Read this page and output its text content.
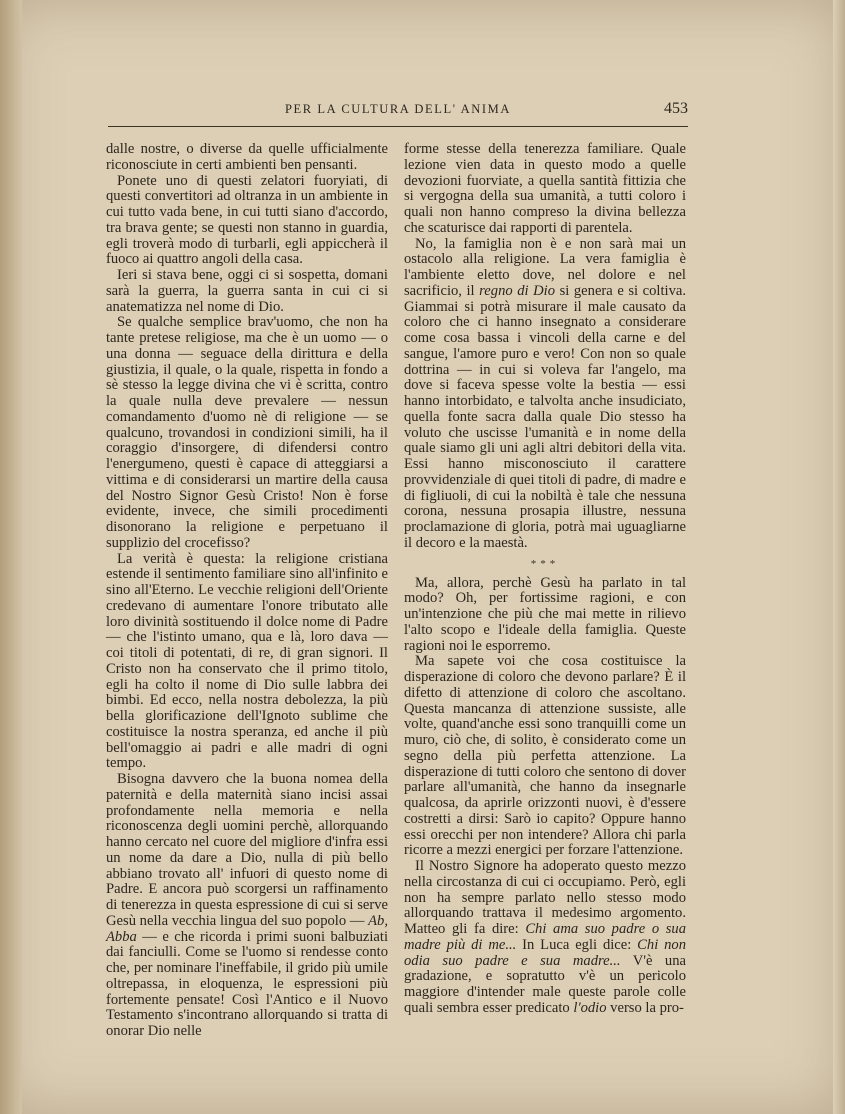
PER LA CULTURA DELL' ANIMA	453

dalle nostre, o diverse da quelle ufficialmente riconosciute in certi ambienti ben pensanti.

Ponete uno di questi zelatori fuoryiati, di questi convertitori ad oltranza in un ambiente in cui tutto vada bene, in cui tutti siano d'accordo, tra brava gente; se questi non stanno in guardia, egli troverà modo di turbarli, egli appiccherà il fuoco ai quattro angoli della casa.

Ieri si stava bene, oggi ci si sospetta, domani sarà la guerra, la guerra santa in cui ci si anatematizza nel nome di Dio.

Se qualche semplice brav'uomo, che non ha tante pretese religiose, ma che è un uomo — o una donna — seguace della dirittura e della giustizia, il quale, o la quale, rispetta in fondo a sè stesso la legge divina che vi è scritta, contro la quale nulla deve prevalere — nessun comandamento d'uomo nè di religione — se qualcuno, trovandosi in condizioni simili, ha il coraggio d'insorgere, di difendersi contro l'energumeno, questi è capace di atteggiarsi a vittima e di considerarsi un martire della causa del Nostro Signor Gesù Cristo! Non è forse evidente, invece, che simili procedimenti disonorano la religione e perpetuano il supplizio del crocefisso?

La verità è questa: la religione cristiana estende il sentimento familiare sino all'infinito e sino all'Eterno. Le vecchie religioni dell'Oriente credevano di aumentare l'onore tributato alle loro divinità sostituendo il dolce nome di Padre — che l'istinto umano, qua e là, loro dava — coi titoli di potentati, di re, di gran signori. Il Cristo non ha conservato che il primo titolo, egli ha colto il nome di Dio sulle labbra dei bimbi. Ed ecco, nella nostra debolezza, la più bella glorificazione dell'Ignoto sublime che costituisce la nostra speranza, ed anche il più bell'omaggio ai padri e alle madri di ogni tempo.

Bisogna davvero che la buona nomea della paternità e della maternità siano incisi assai profondamente nella memoria e nella riconoscenza degli uomini perchè, allorquando hanno cercato nel cuore del migliore d'infra essi un nome da dare a Dio, nulla di più bello abbiano trovato all' infuori di questo nome di Padre. E ancora può scorgersi un raffinamento di tenerezza in questa espressione di cui si serve Gesù nella vecchia lingua del suo popolo — Ab, Abba — e che ricorda i primi suoni balbuziati dai fanciulli. Come se l'uomo si rendesse conto che, per nominare l'ineffabile, il grido più umile oltrepassa, in eloquenza, le espressioni più fortemente pensate! Così l'Antico e il Nuovo Testamento s'incontrano allorquando si tratta di onorar Dio nelle

forme stesse della tenerezza familiare. Quale lezione vien data in questo modo a quelle devozioni fuorviate, a quella santità fittizia che si vergogna della sua umanità, a tutti coloro i quali non hanno compreso la divina bellezza che scaturisce dai rapporti di parentela.

No, la famiglia non è e non sarà mai un ostacolo alla religione. La vera famiglia è l'ambiente eletto dove, nel dolore e nel sacrificio, il regno di Dio si genera e si coltiva. Giammai si potrà misurare il male causato da coloro che ci hanno insegnato a considerare come cosa bassa i vincoli della carne e del sangue, l'amore puro e vero! Con non so quale dottrina — in cui si voleva far l'angelo, ma dove si faceva spesse volte la bestia — essi hanno intorbidato, e talvolta anche insudiciato, quella fonte sacra dalla quale Dio stesso ha voluto che uscisse l'umanità e in nome della quale siamo gli uni agli altri debitori della vita. Essi hanno misconosciuto il carattere provvidenziale di quei titoli di padre, di madre e di figliuoli, di cui la nobiltà è tale che nessuna corona, nessuna prosapia illustre, nessuna proclamazione di gloria, potrà mai uguagliarne il decoro e la maestà.

***

Ma, allora, perchè Gesù ha parlato in tal modo? Oh, per fortissime ragioni, e con un'intenzione che più che mai mette in rilievo l'alto scopo e l'ideale della famiglia. Queste ragioni noi le esporremo.

Ma sapete voi che cosa costituisce la disperazione di coloro che devono parlare? È il difetto di attenzione di coloro che ascoltano. Questa mancanza di attenzione sussiste, alle volte, quand'anche essi sono tranquilli come un muro, ciò che, di solito, è considerato come un segno della più perfetta attenzione. La disperazione di tutti coloro che sentono di dover parlare all'umanità, che hanno da insegnarle qualcosa, da aprirle orizzonti nuovi, è d'essere costretti a dirsi: Sarò io capito? Oppure hanno essi orecchi per non intendere? Allora chi parla ricorre a mezzi energici per forzare l'attenzione.

Il Nostro Signore ha adoperato questo mezzo nella circostanza di cui ci occupiamo. Però, egli non ha sempre parlato nello stesso modo allorquando trattava il medesimo argomento. Matteo gli fa dire: Chi ama suo padre o sua madre più di me... In Luca egli dice: Chi non odia suo padre e sua madre... V'è una gradazione, e sopratutto v'è un pericolo maggiore d'intender male queste parole colle quali sembra esser predicato l'odio verso la pro-
